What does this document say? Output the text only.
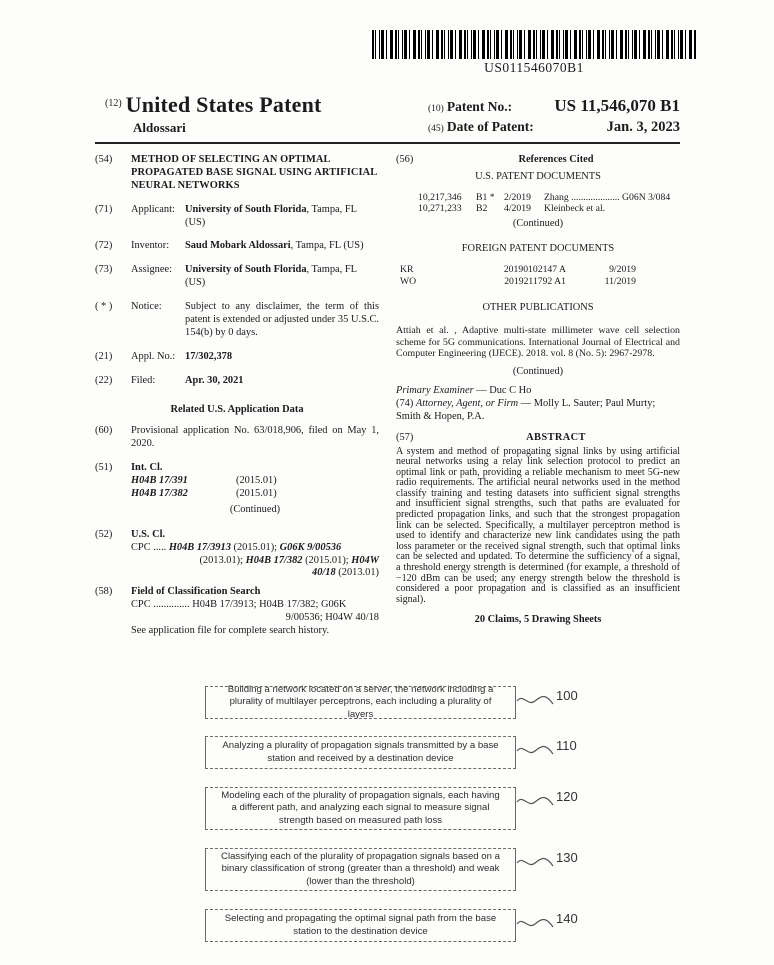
US011546070B1
$^{(12)}$ United States Patent
Aldossari
(10) Patent No.: US 11,546,070 B1
(45) Date of Patent:	Jan. 3, 2023
(54)	METHOD OF SELECTING AN OPTIMAL PROPAGATED BASE SIGNAL USING ARTIFICIAL NEURAL NETWORKS
(71)	Applicant: University of South Florida, Tampa, FL (US)
(72)	Inventor:	Saud Mobark Aldossari, Tampa, FL (US)
(73)	Assignee:	University of South Florida, Tampa, FL (US)
( * )	Notice:	Subject to any disclaimer, the term of this patent is extended or adjusted under 35 U.S.C. 154(b) by 0 days.
(21)	Appl. No.: 17/302,378
(22)	Filed:	Apr. 30, 2021
Related U.S. Application Data
(60)	Provisional application No. 63/018,906, filed on May 1, 2020.
(51)	Int. Cl.
H04B 17/391	(2015.01)
H04B 17/382	(2015.01)
(Continued)
(52)	U.S. Cl.
CPC ..... H04B 17/3913 (2015.01); G06K 9/00536
(2013.01); H04B 17/382 (2015.01); H04W
40/18 (2013.01)
(58)	Field of Classification Search
CPC .............. H04B 17/3913; H04B 17/382; G06K
9/00536; H04W 40/18
See application file for complete search history.
(56)	References Cited
U.S. PATENT DOCUMENTS
10,217,346	B1 * 2/2019	Zhang .................... G06N 3/084
10,271,233	B2	4/2019	Kleinbeck et al.
(Continued)
FOREIGN PATENT DOCUMENTS
KR	20190102147 A	9/2019
WO	2019211792 A1	11/2019
OTHER PUBLICATIONS
Attiah et al. , Adaptive multi-state millimeter wave cell selection scheme for 5G communications. International Journal of Electrical and Computer Engineering (IJECE). 2018. vol. 8 (No. 5): 2967-2978.
(Continued)
Primary Examiner — Duc C Ho
(74) Attorney, Agent, or Firm — Molly L. Sauter; Paul Murty; Smith & Hopen, P.A.
(57)	ABSTRACT
A system and method of propagating signal links by using artificial neural networks using a relay link selection protocol to predict an optimal link or path, providing a reliable mechanism to meet 5G-new radio requirements. The artificial neural networks used in the method classify training and testing datasets into sufficient signal strengths and insufficient signal strengths, such that paths are evaluated for predicted propagation links, and such that the strongest propagation link can be selected. Specifically, a multilayer perceptron method is used to identify and characterize new link candidates using the path loss parameter or the received signal strength, such that optimal links can be selected and updated. To determine the sufficiency of a signal, a threshold energy strength is determined (for example, a threshold of −120 dBm can be used; any energy strength below the threshold is considered a poor propagation and is classified as an insufficient signal).
20 Claims, 5 Drawing Sheets
Building a network located on a server, the network including a plurality of multilayer perceptrons, each including a plurality of layers
100
Analyzing a plurality of propagation signals transmitted by a base station and received by a destination device
110
Modeling each of the plurality of propagation signals, each having a different path, and analyzing each signal to measure signal strength based on measured path loss
120
Classifying each of the plurality of propagation signals based on a binary classification of strong (greater than a threshold) and weak (lower than the threshold)
130
Selecting and propagating the optimal signal path from the base station to the destination device
140
